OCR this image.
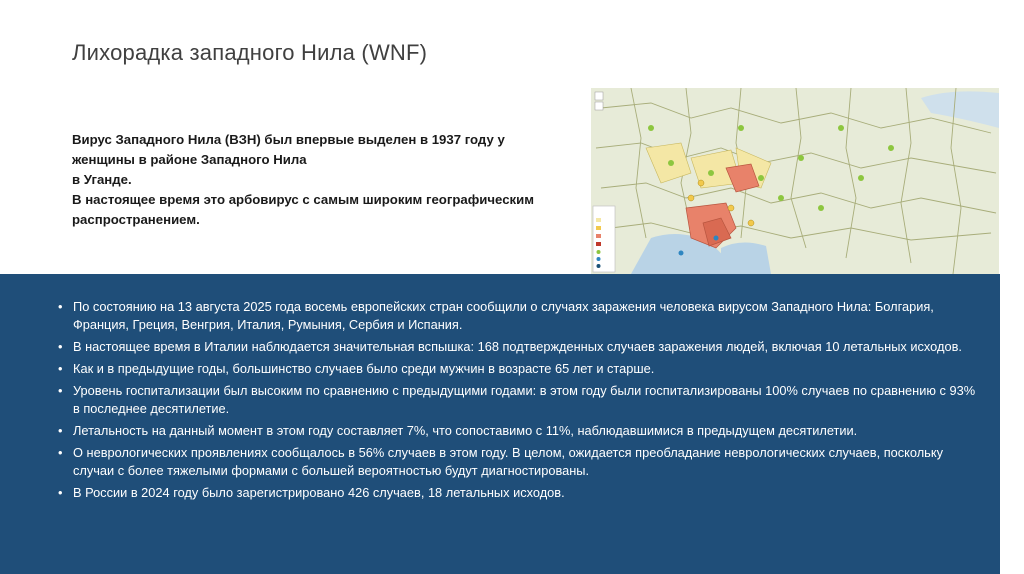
Лихорадка западного Нила (WNF)
Вирус Западного Нила (ВЗН) был впервые выделен в 1937 году у
женщины в районе Западного Нила
в Уганде.
В настоящее время это арбовирус с самым широким географическим
распространением.
• По состоянию на 13 августа 2025 года восемь европейских стран сообщили о случаях заражения человека вирусом Западного Нила: Болгария, Франция, Греция, Венгрия, Италия, Румыния, Сербия и Испания.
• В настоящее время в Италии наблюдается значительная вспышка: 168 подтвержденных случаев заражения людей, включая 10 летальных исходов.
• Как и в предыдущие годы, большинство случаев было среди мужчин в возрасте 65 лет и старше.
• Уровень госпитализации был высоким по сравнению с предыдущими годами: в этом году были госпитализированы 100% случаев по сравнению с 93% в последнее десятилетие.
• Летальность на данный момент в этом году составляет 7%, что сопоставимо с 11%, наблюдавшимися в предыдущем десятилетии.
• О неврологических проявлениях сообщалось в 56% случаев в этом году. В целом, ожидается преобладание неврологических случаев, поскольку случаи с более тяжелыми формами с большей вероятностью будут диагностированы.
• В России в 2024 году было зарегистрировано 426 случаев, 18 летальных исходов.
